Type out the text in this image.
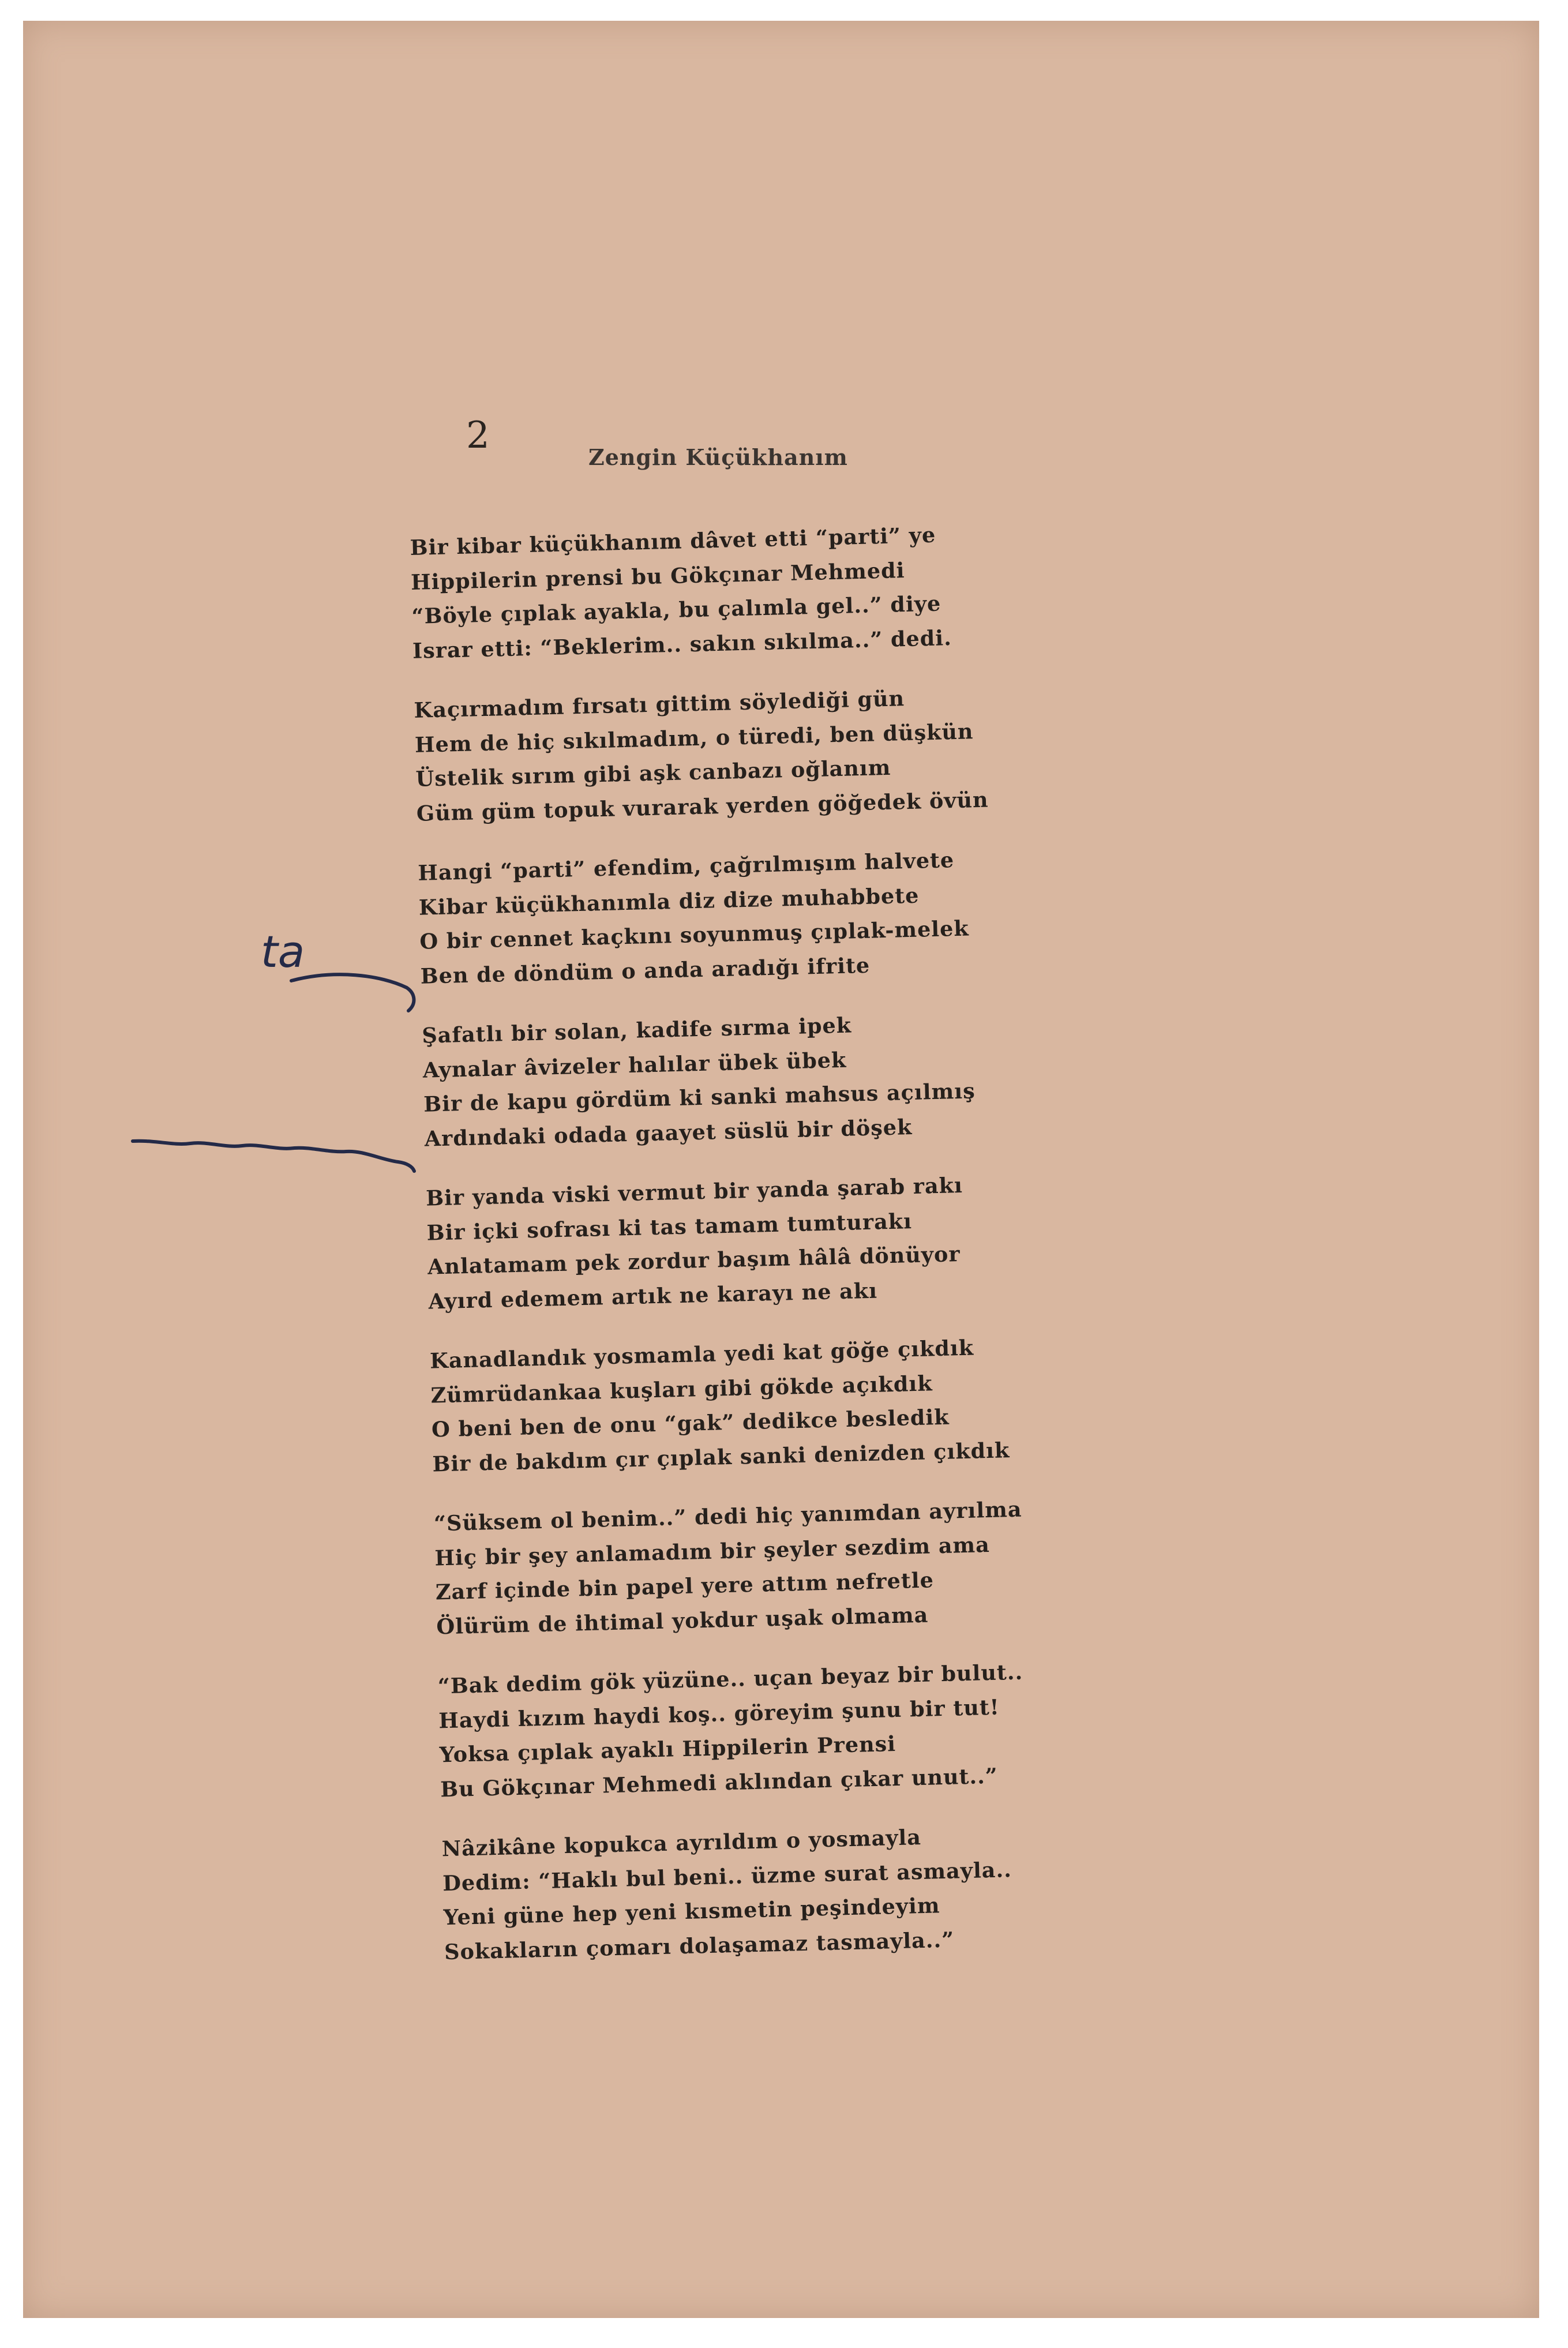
2

Zengin Küçükhanım
Bir kibar küçükhanım dâvet etti “parti” ye
Hippilerin prensi bu Gökçınar Mehmedi
“Böyle çıplak ayakla, bu çalımla gel..” diye
Israr etti: “Beklerim.. sakın sıkılma..” dedi.
Kaçırmadım fırsatı gittim söylediği gün
Hem de hiç sıkılmadım, o türedi, ben düşkün
Üstelik sırım gibi aşk canbazı oğlanım
Güm güm topuk vurarak yerden göğedek övün
Hangi “parti” efendim, çağrılmışım halvete
Kibar küçükhanımla diz dize muhabbete
O bir cennet kaçkını soyunmuş çıplak-melek
Ben de döndüm o anda aradığı ifrite
Şafatlı bir solan, kadife sırma ipek
Aynalar âvizeler halılar übek übek
Bir de kapu gördüm ki sanki mahsus açılmış
Ardındaki odada gaayet süslü bir döşek
Bir yanda viski vermut bir yanda şarab rakı
Bir içki sofrası ki tas tamam tumturakı
Anlatamam pek zordur başım hâlâ dönüyor
Ayırd edemem artık ne karayı ne akı
Kanadlandık yosmamla yedi kat göğe çıkdık
Zümrüdankaa kuşları gibi gökde açıkdık
O beni ben de onu “gak” dedikce besledik
Bir de bakdım çır çıplak sanki denizden çıkdık
“Süksem ol benim..” dedi hiç yanımdan ayrılma
Hiç bir şey anlamadım bir şeyler sezdim ama
Zarf içinde bin papel yere attım nefretle
Ölürüm de ihtimal yokdur uşak olmama
“Bak dedim gök yüzüne.. uçan beyaz bir bulut..
Haydi kızım haydi koş.. göreyim şunu bir tut!
Yoksa çıplak ayaklı Hippilerin Prensi
Bu Gökçınar Mehmedi aklından çıkar unut..”
Nâzikâne kopukca ayrıldım o yosmayla
Dedim: “Haklı bul beni.. üzme surat asmayla..
Yeni güne hep yeni kısmetin peşindeyim
Sokakların çomarı dolaşamaz tasmayla..”

ta
